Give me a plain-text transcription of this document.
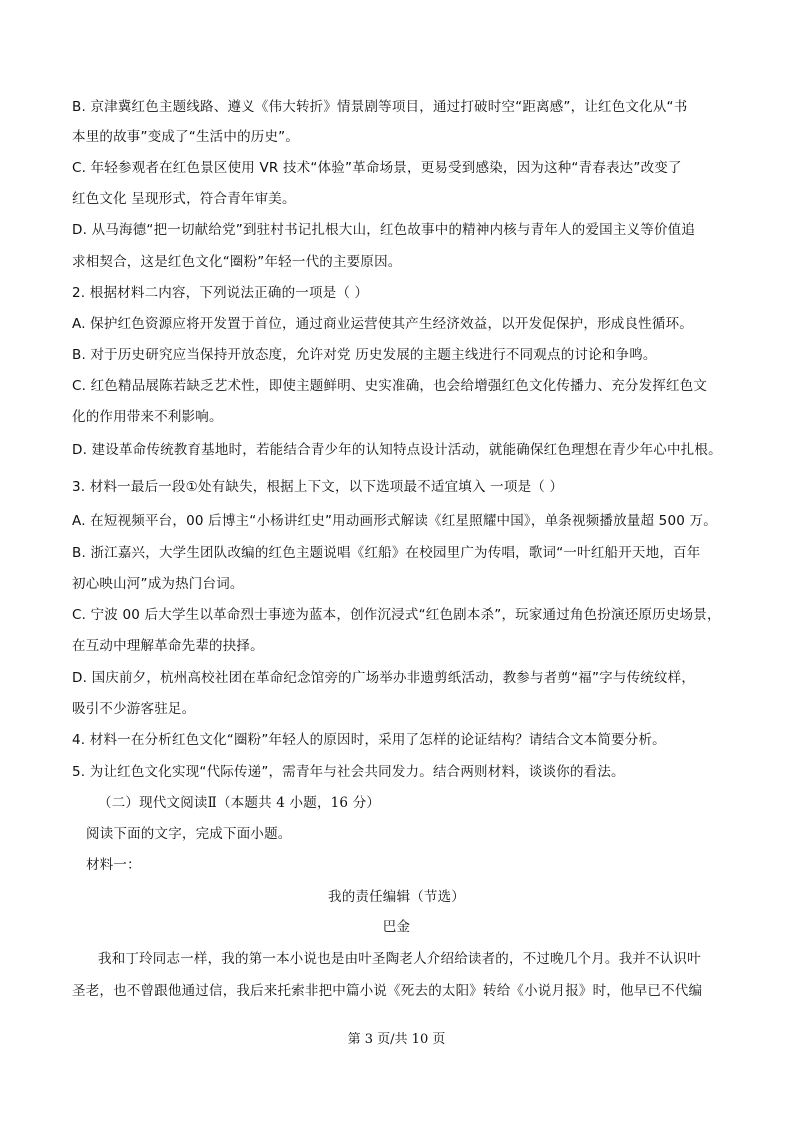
B. 京津冀红色主题线路、遵义《伟大转折》情景剧等项目，通过打破时空“距离感”，让红色文化从“书
本里的故事”变成了“生活中的历史”。
C. 年轻参观者在红色景区使用 VR 技术“体验”革命场景，更易受到感染，因为这种“青春表达”改变了
红色文化 呈现形式，符合青年审美。
D. 从马海德“把一切献给党”到驻村书记扎根大山，红色故事中的精神内核与青年人的爱国主义等价值追
求相契合，这是红色文化“圈粉”年轻一代的主要原因。
2. 根据材料二内容，下列说法正确的一项是（ ）
A. 保护红色资源应将开发置于首位，通过商业运营使其产生经济效益，以开发促保护，形成良性循环。
B. 对于历史研究应当保持开放态度，允许对党 历史发展的主题主线进行不同观点的讨论和争鸣。
C. 红色精品展陈若缺乏艺术性，即使主题鲜明、史实准确，也会给增强红色文化传播力、充分发挥红色文
化的作用带来不利影响。
D. 建设革命传统教育基地时，若能结合青少年的认知特点设计活动，就能确保红色理想在青少年心中扎根。
3. 材料一最后一段①处有缺失，根据上下文，以下选项最不适宜填入 一项是（ ）
A. 在短视频平台，00 后博主“小杨讲红史”用动画形式解读《红星照耀中国》，单条视频播放量超 500 万。
B. 浙江嘉兴，大学生团队改编的红色主题说唱《红船》在校园里广为传唱，歌词“一叶红船开天地，百年
初心映山河”成为热门台词。
C. 宁波 00 后大学生以革命烈士事迹为蓝本，创作沉浸式“红色剧本杀”，玩家通过角色扮演还原历史场景，
在互动中理解革命先辈的抉择。
D. 国庆前夕，杭州高校社团在革命纪念馆旁的广场举办非遗剪纸活动，教参与者剪“福”字与传统纹样，
吸引不少游客驻足。
4. 材料一在分析红色文化“圈粉”年轻人的原因时，采用了怎样的论证结构？请结合文本简要分析。
5. 为让红色文化实现“代际传递”，需青年与社会共同发力。结合两则材料，谈谈你的看法。
（二）现代文阅读Ⅱ（本题共 4 小题，16 分）
阅读下面的文字，完成下面小题。
材料一：
我的责任编辑（节选）
巴金
我和丁玲同志一样，我的第一本小说也是由叶圣陶老人介绍给读者的，不过晚几个月。我并不认识叶
圣老，也不曾跟他通过信，我后来托索非把中篇小说《死去的太阳》转给《小说月报》时，他早已不代编
第 3 页/共 10 页
